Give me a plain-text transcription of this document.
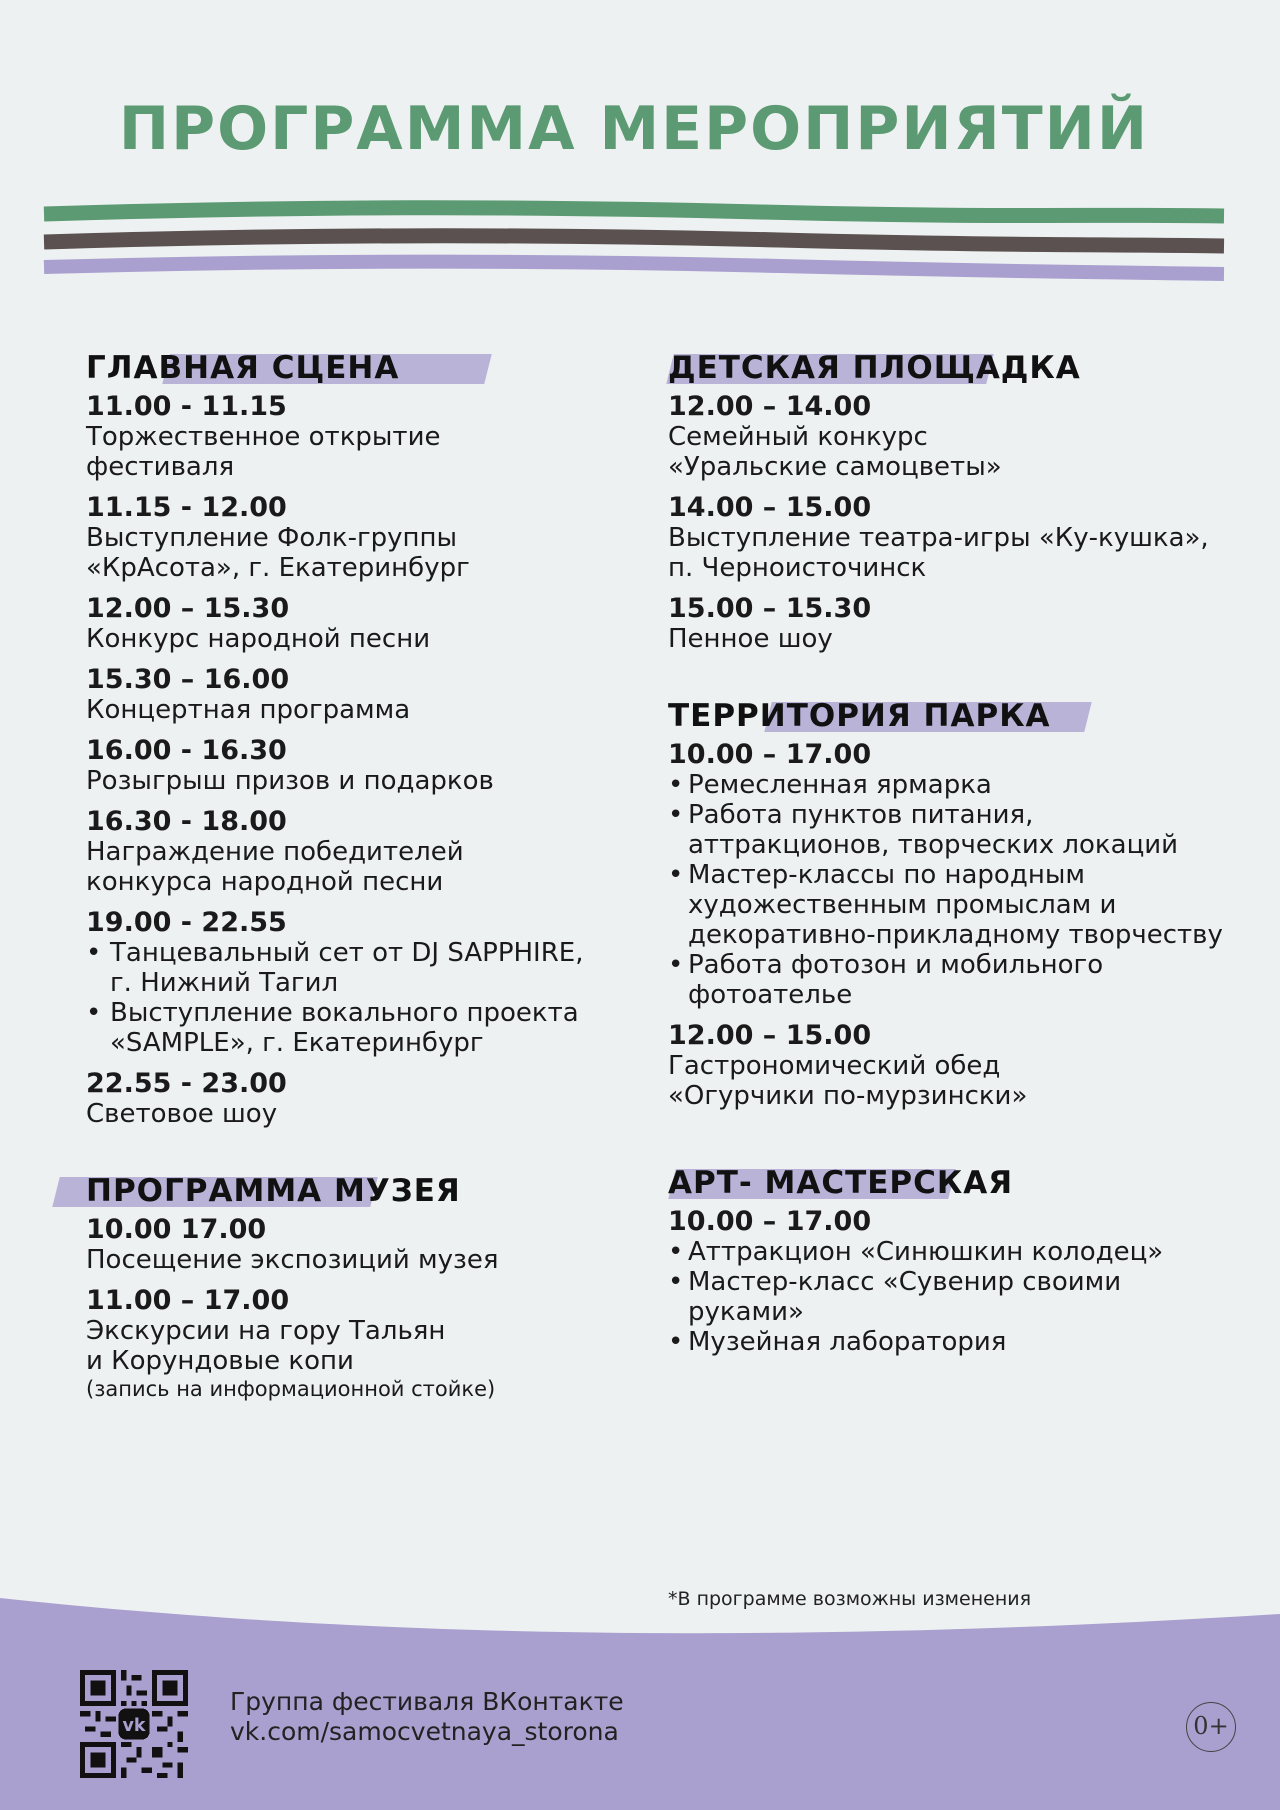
ПРОГРАММА МЕРОПРИЯТИЙ
ГЛАВНАЯ СЦЕНА
11.00 - 11.15
Торжественное открытие
фестиваля
11.15 - 12.00
Выступление Фолк-группы
«КрАсота», г. Екатеринбург
12.00 – 15.30
Конкурс народной песни
15.30 – 16.00
Концертная программа
16.00 - 16.30
Розыгрыш призов и подарков
16.30 - 18.00
Награждение победителей
конкурса народной песни
19.00 - 22.55
• Танцевальный сет от DJ SAPPHIRE,
г. Нижний Тагил
• Выступление вокального проекта
«SAMPLE», г. Екатеринбург
22.55 - 23.00
Световое шоу
ПРОГРАММА МУЗЕЯ
10.00 17.00
Посещение экспозиций музея
11.00 – 17.00
Экскурсии на гору Тальян
и Корундовые копи
(запись на информационной стойке)
ДЕТСКАЯ ПЛОЩАДКА
12.00 – 14.00
Семейный конкурс
«Уральские самоцветы»
14.00 – 15.00
Выступление театра-игры «Ку-кушка»,
п. Черноисточинск
15.00 – 15.30
Пенное шоу
ТЕРРИТОРИЯ ПАРКА
10.00 – 17.00
• Ремесленная ярмарка
• Работа пунктов питания,
аттракционов, творческих локаций
• Мастер-классы по народным
художественным промыслам и
декоративно-прикладному творчеству
• Работа фотозон и мобильного
фотоателье
12.00 – 15.00
Гастрономический обед
«Огурчики по-мурзински»
АРТ- МАСТЕРСКАЯ
10.00 – 17.00
• Аттракцион «Синюшкин колодец»
• Мастер-класс «Сувенир своими
руками»
• Музейная лаборатория

*В программе возможны изменения

vk
Группа фестиваля ВКонтакте
vk.com/samocvetnaya_storona	0+
